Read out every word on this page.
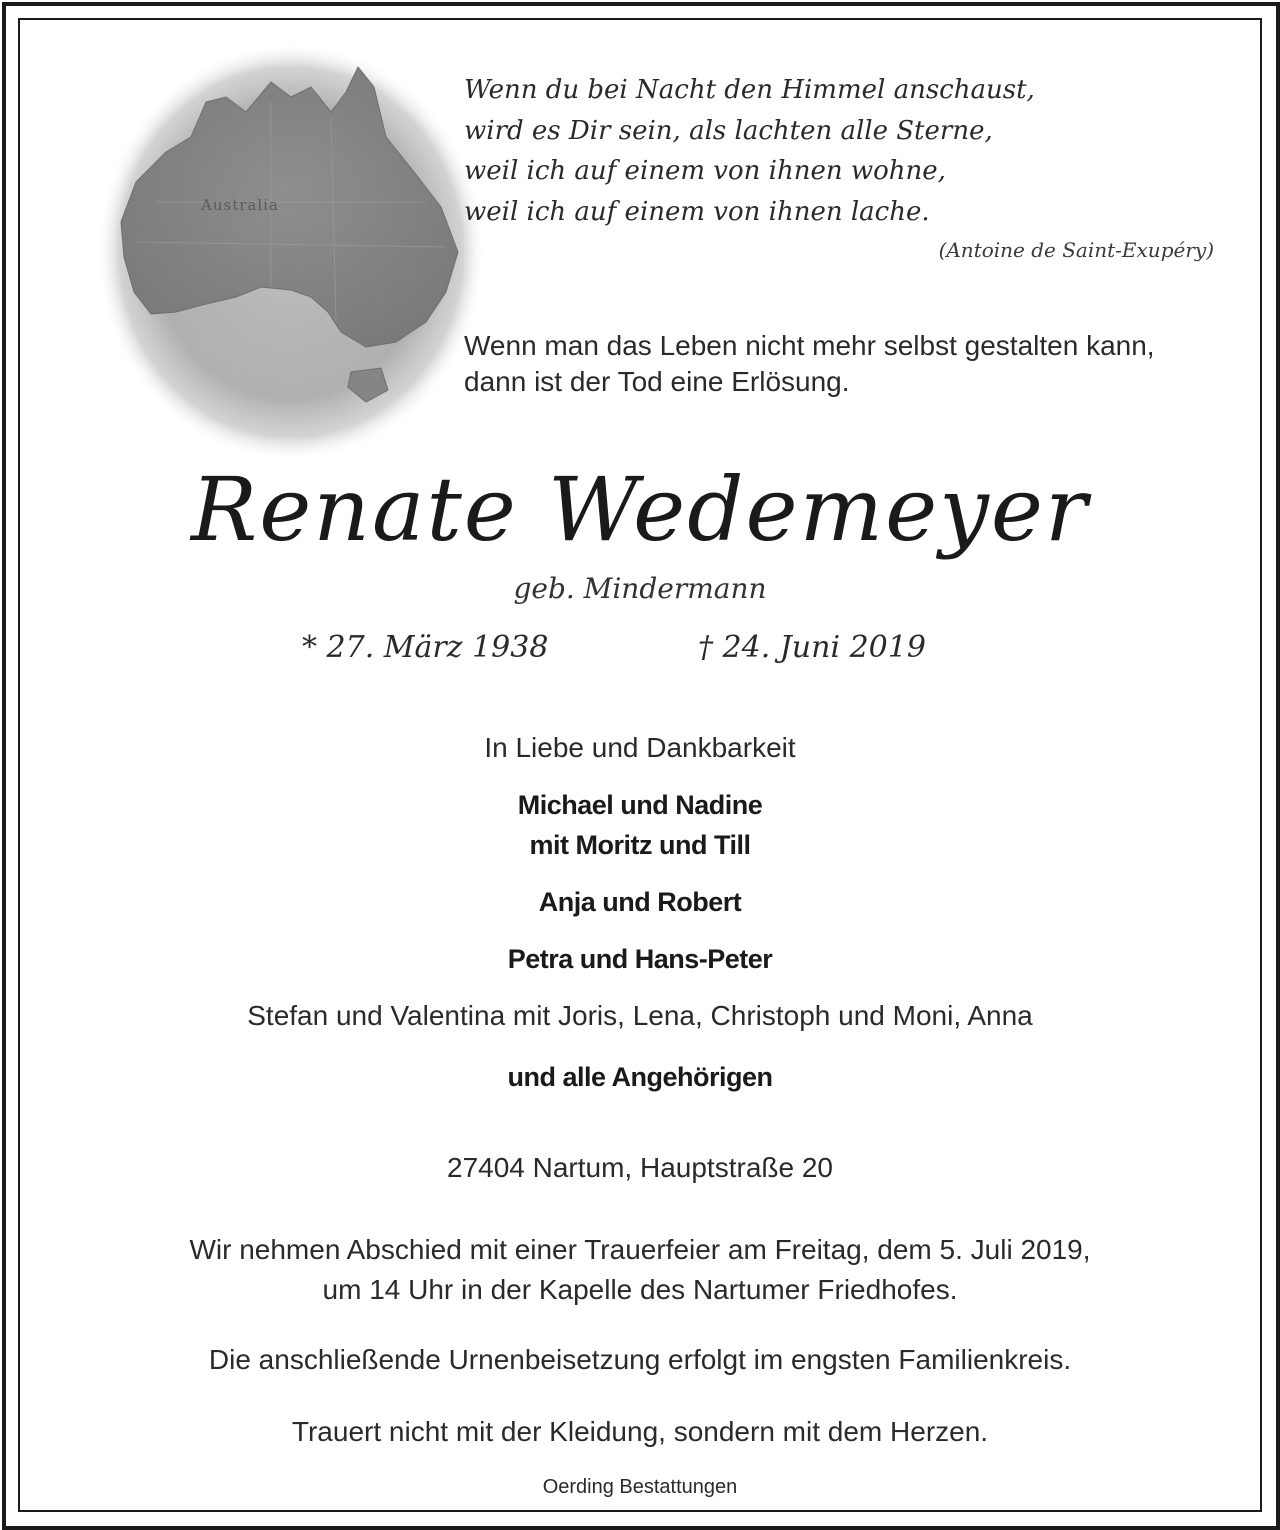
Australia
Wenn du bei Nacht den Himmel anschaust,
wird es Dir sein, als lachten alle Sterne,
weil ich auf einem von ihnen wohne,
weil ich auf einem von ihnen lache.
(Antoine de Saint-Exupéry)
Wenn man das Leben nicht mehr selbst gestalten kann,
dann ist der Tod eine Erlösung.
Renate Wedemeyer
geb. Mindermann
* 27. März 1938	† 24. Juni 2019
In Liebe und Dankbarkeit
Michael und Nadine
mit Moritz und Till
Anja und Robert
Petra und Hans-Peter
Stefan und Valentina mit Joris, Lena, Christoph und Moni, Anna
und alle Angehörigen
27404 Nartum, Hauptstraße 20
Wir nehmen Abschied mit einer Trauerfeier am Freitag, dem 5. Juli 2019,
um 14 Uhr in der Kapelle des Nartumer Friedhofes.
Die anschließende Urnenbeisetzung erfolgt im engsten Familienkreis.
Trauert nicht mit der Kleidung, sondern mit dem Herzen.
Oerding Bestattungen
